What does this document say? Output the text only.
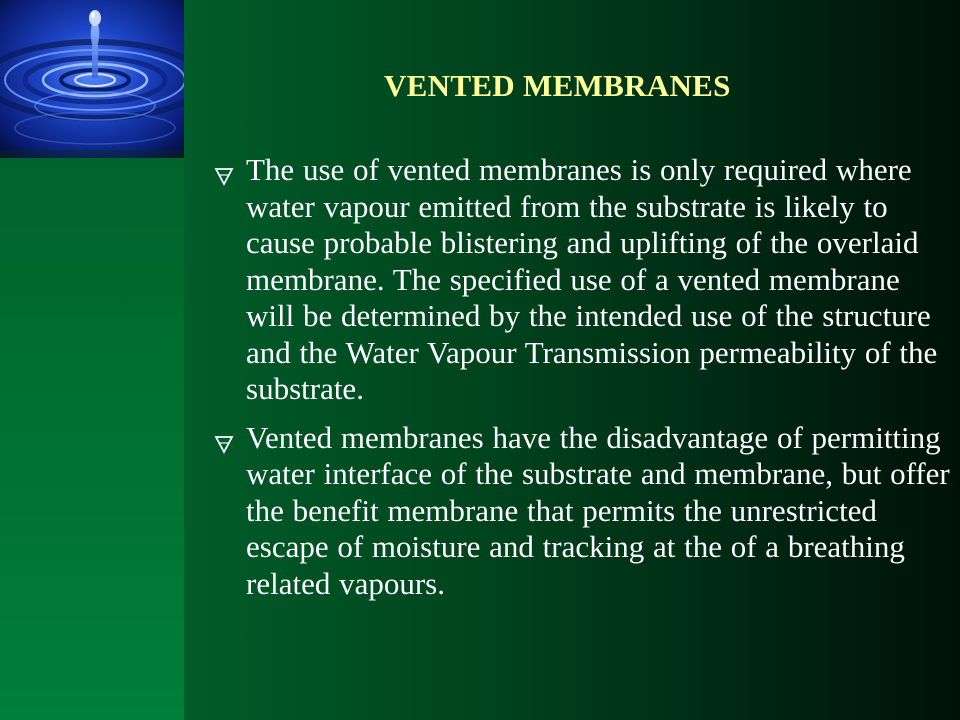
VENTED MEMBRANES
The use of vented membranes is only required where water vapour emitted from the substrate is likely to cause probable blistering and uplifting of the overlaid membrane. The specified use of a vented membrane will be determined by the intended use of the structure and the Water Vapour Transmission permeability of the substrate.
Vented membranes have the disadvantage of permitting water interface of the substrate and membrane, but offer the benefit membrane that permits the unrestricted escape of moisture and tracking at the of a breathing related vapours.
